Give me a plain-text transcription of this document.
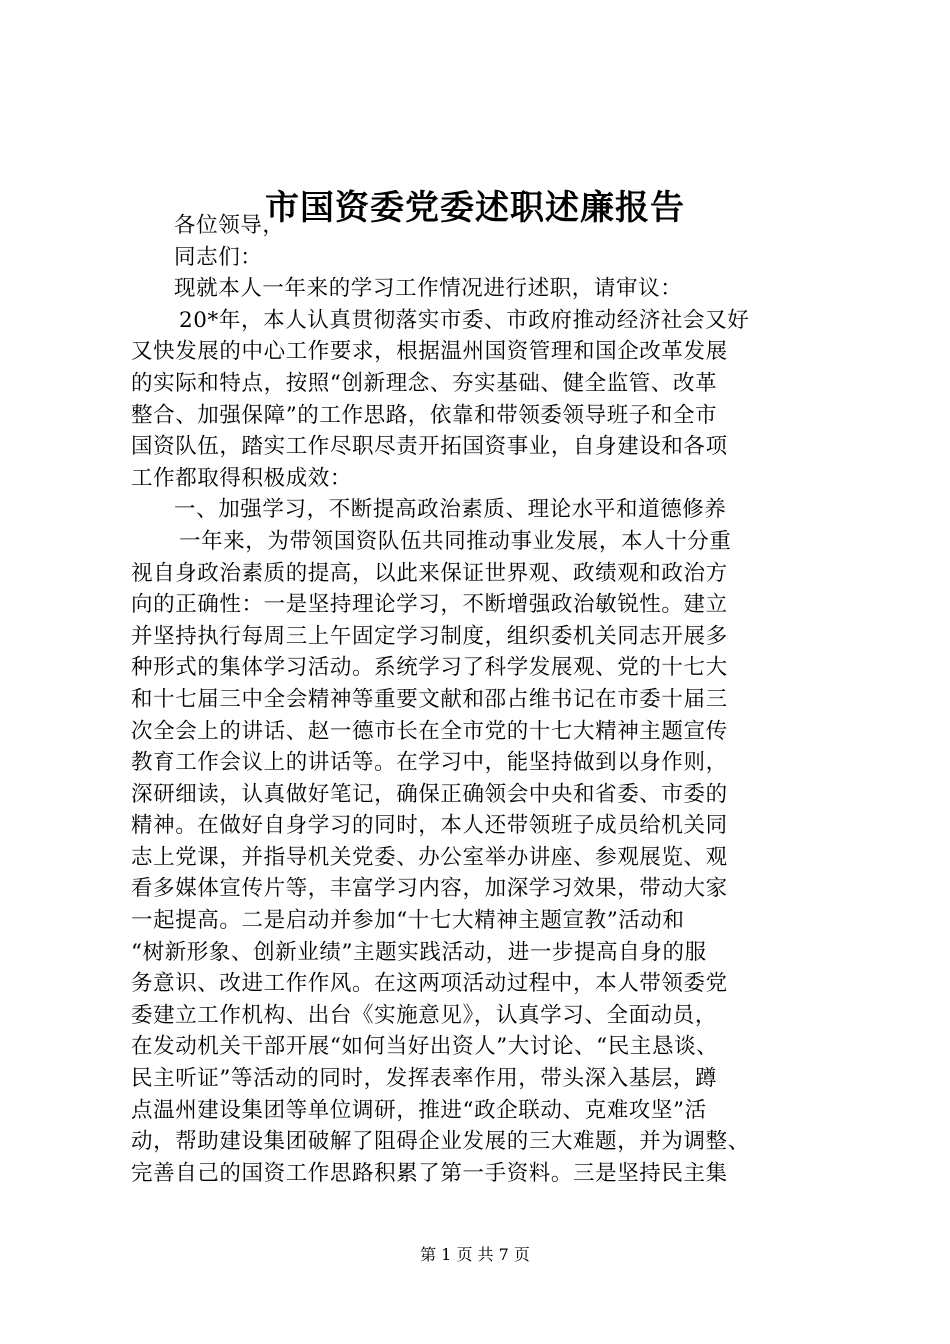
市国资委党委述职述廉报告
各位领导，
同志们：
现就本人一年来的学习工作情况进行述职，请审议：
20*年，本人认真贯彻落实市委、市政府推动经济社会又好
又快发展的中心工作要求，根据温州国资管理和国企改革发展
的实际和特点，按照“创新理念、夯实基础、健全监管、改革
整合、加强保障”的工作思路，依靠和带领委领导班子和全市
国资队伍，踏实工作尽职尽责开拓国资事业，自身建设和各项
工作都取得积极成效：
一、加强学习，不断提高政治素质、理论水平和道德修养
一年来，为带领国资队伍共同推动事业发展，本人十分重
视自身政治素质的提高，以此来保证世界观、政绩观和政治方
向的正确性：一是坚持理论学习，不断增强政治敏锐性。建立
并坚持执行每周三上午固定学习制度，组织委机关同志开展多
种形式的集体学习活动。系统学习了科学发展观、党的十七大
和十七届三中全会精神等重要文献和邵占维书记在市委十届三
次全会上的讲话、赵一德市长在全市党的十七大精神主题宣传
教育工作会议上的讲话等。在学习中，能坚持做到以身作则，
深研细读，认真做好笔记，确保正确领会中央和省委、市委的
精神。在做好自身学习的同时，本人还带领班子成员给机关同
志上党课，并指导机关党委、办公室举办讲座、参观展览、观
看多媒体宣传片等，丰富学习内容，加深学习效果，带动大家
一起提高。二是启动并参加“十七大精神主题宣教”活动和
“树新形象、创新业绩”主题实践活动，进一步提高自身的服
务意识、改进工作作风。在这两项活动过程中，本人带领委党
委建立工作机构、出台《实施意见》，认真学习、全面动员，
在发动机关干部开展“如何当好出资人”大讨论、“民主恳谈、
民主听证”等活动的同时，发挥表率作用，带头深入基层，蹲
点温州建设集团等单位调研，推进“政企联动、克难攻坚”活
动，帮助建设集团破解了阻碍企业发展的三大难题，并为调整、
完善自己的国资工作思路积累了第一手资料。三是坚持民主集
第 1 页 共 7 页
